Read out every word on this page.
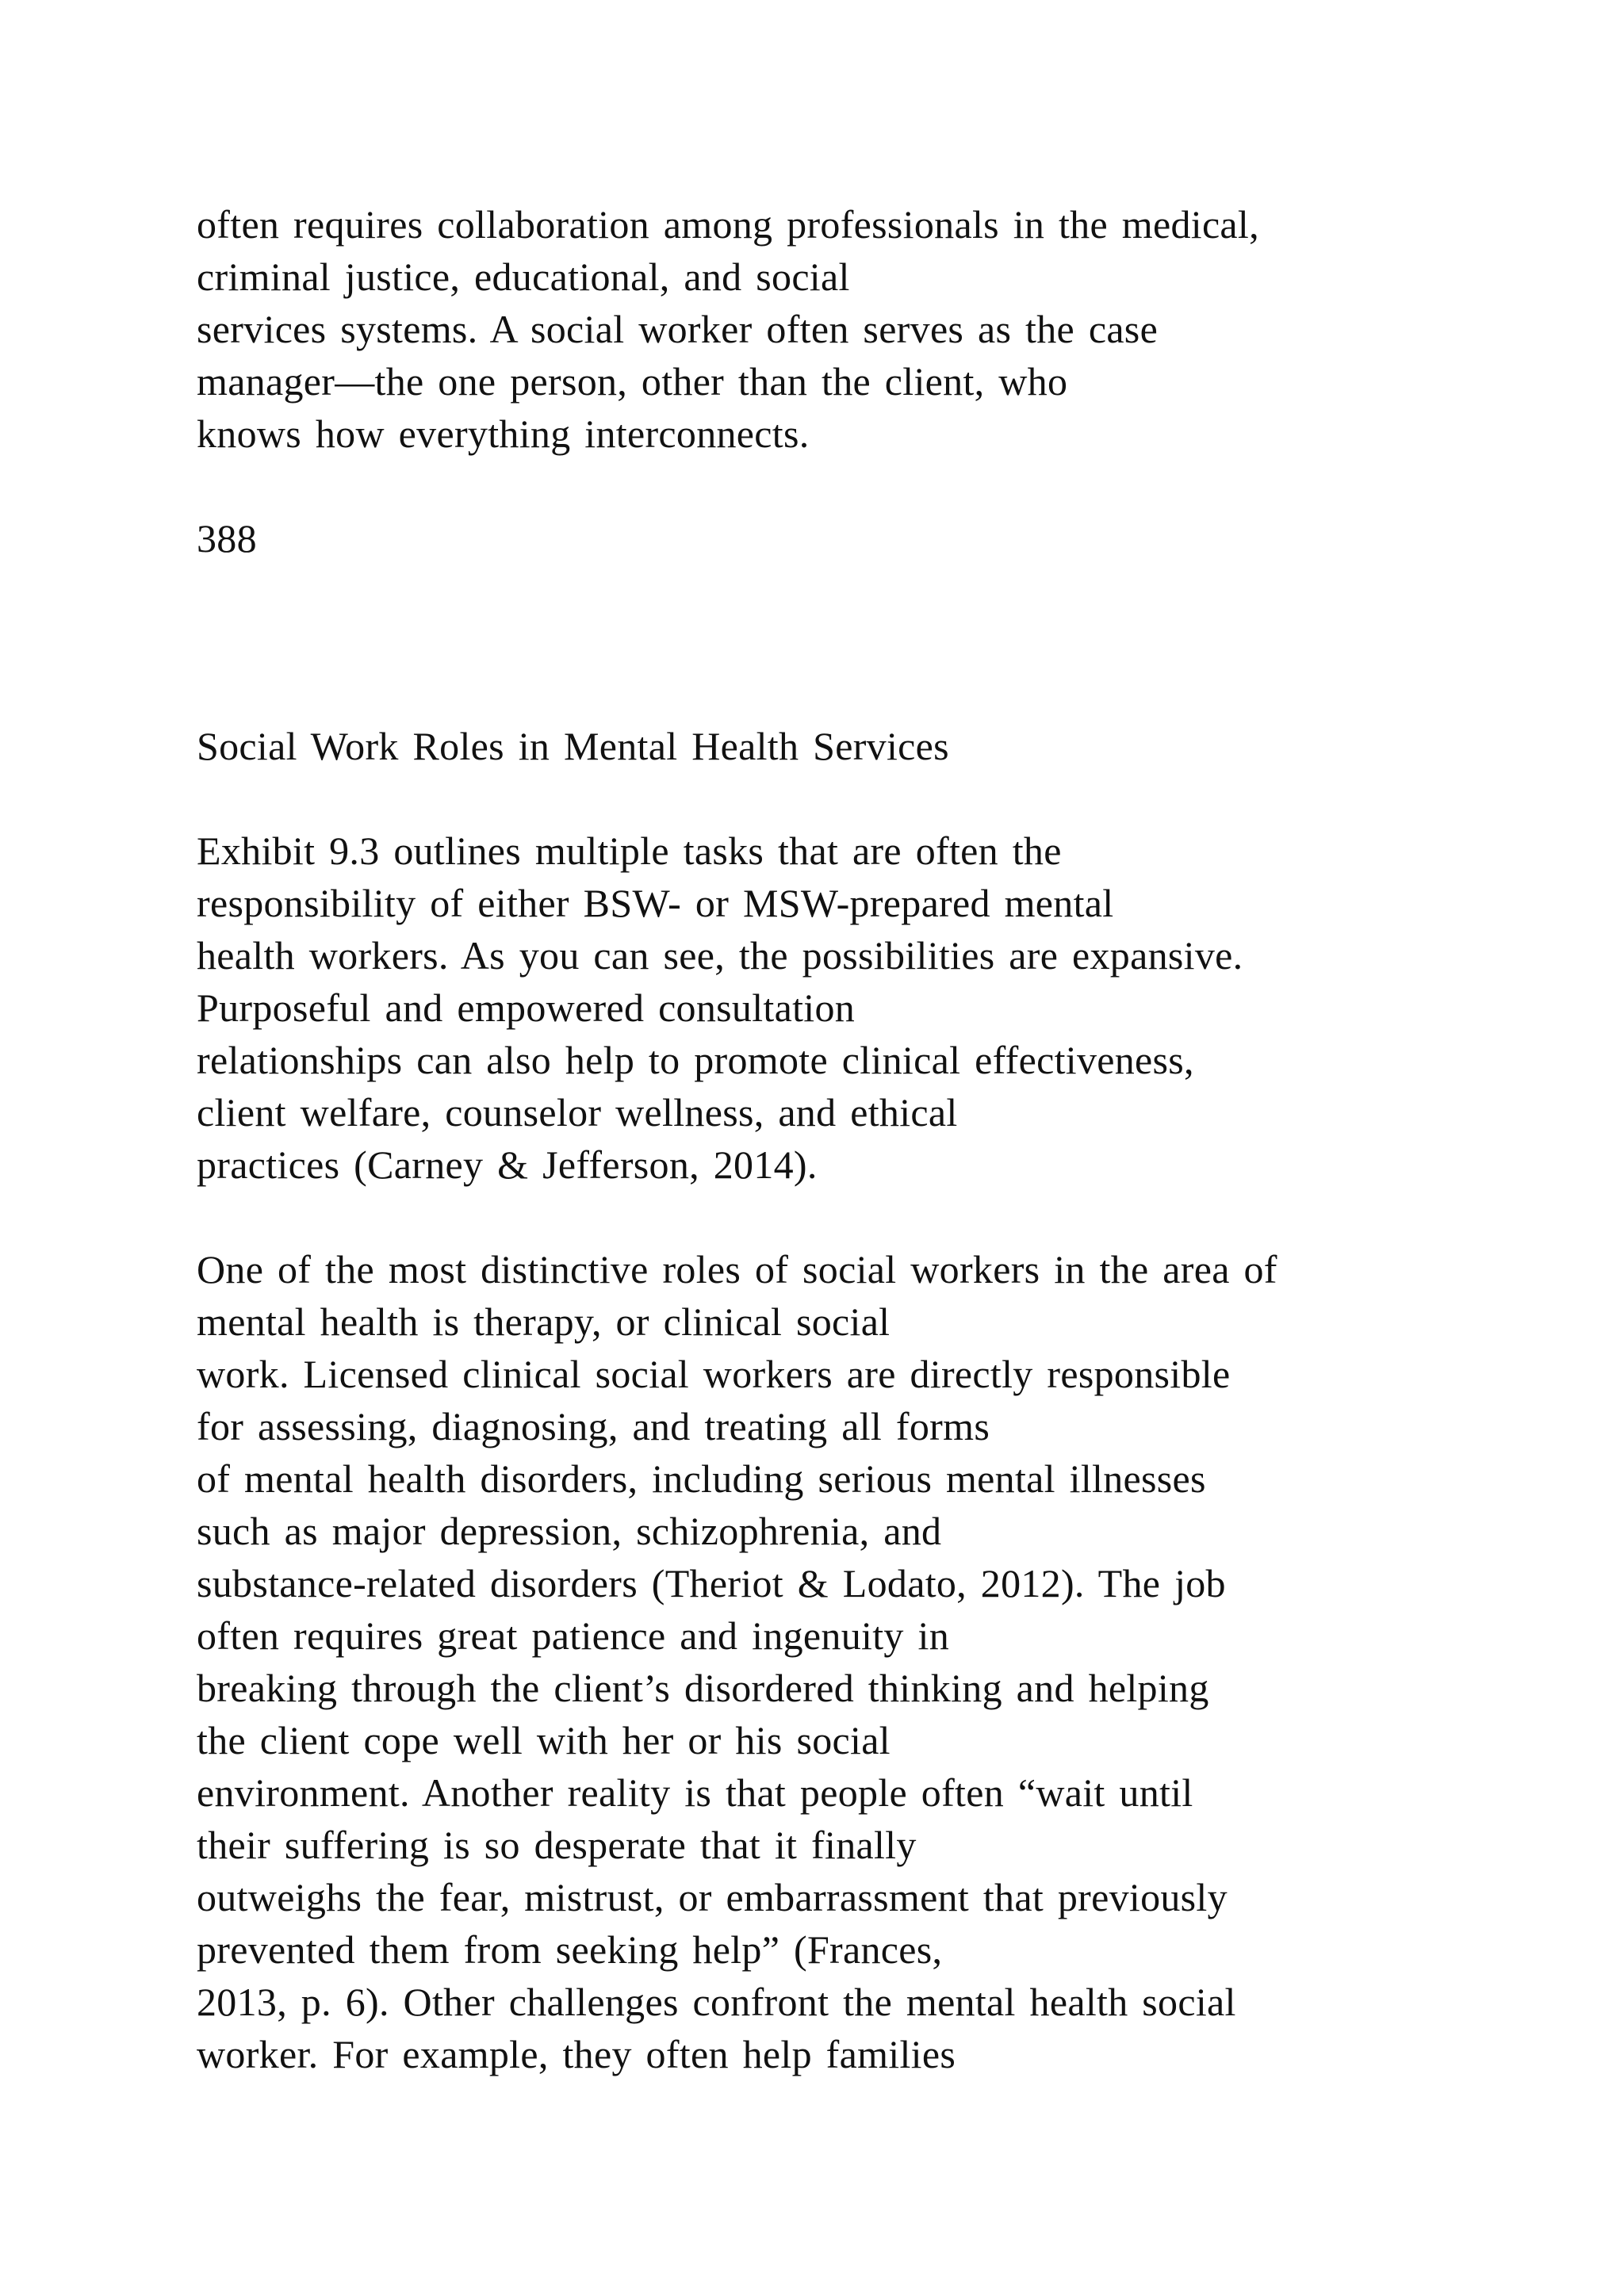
often requires collaboration among professionals in the medical,
criminal justice, educational, and social
services systems. A social worker often serves as the case
manager—the one person, other than the client, who
knows how everything interconnects.
388
Social Work Roles in Mental Health Services
Exhibit 9.3 outlines multiple tasks that are often the
responsibility of either BSW- or MSW-prepared mental
health workers. As you can see, the possibilities are expansive.
Purposeful and empowered consultation
relationships can also help to promote clinical effectiveness,
client welfare, counselor wellness, and ethical
practices (Carney & Jefferson, 2014).
One of the most distinctive roles of social workers in the area of
mental health is therapy, or clinical social
work. Licensed clinical social workers are directly responsible
for assessing, diagnosing, and treating all forms
of mental health disorders, including serious mental illnesses
such as major depression, schizophrenia, and
substance-related disorders (Theriot & Lodato, 2012). The job
often requires great patience and ingenuity in
breaking through the client’s disordered thinking and helping
the client cope well with her or his social
environment. Another reality is that people often “wait until
their suffering is so desperate that it finally
outweighs the fear, mistrust, or embarrassment that previously
prevented them from seeking help” (Frances,
2013, p. 6). Other challenges confront the mental health social
worker. For example, they often help families
